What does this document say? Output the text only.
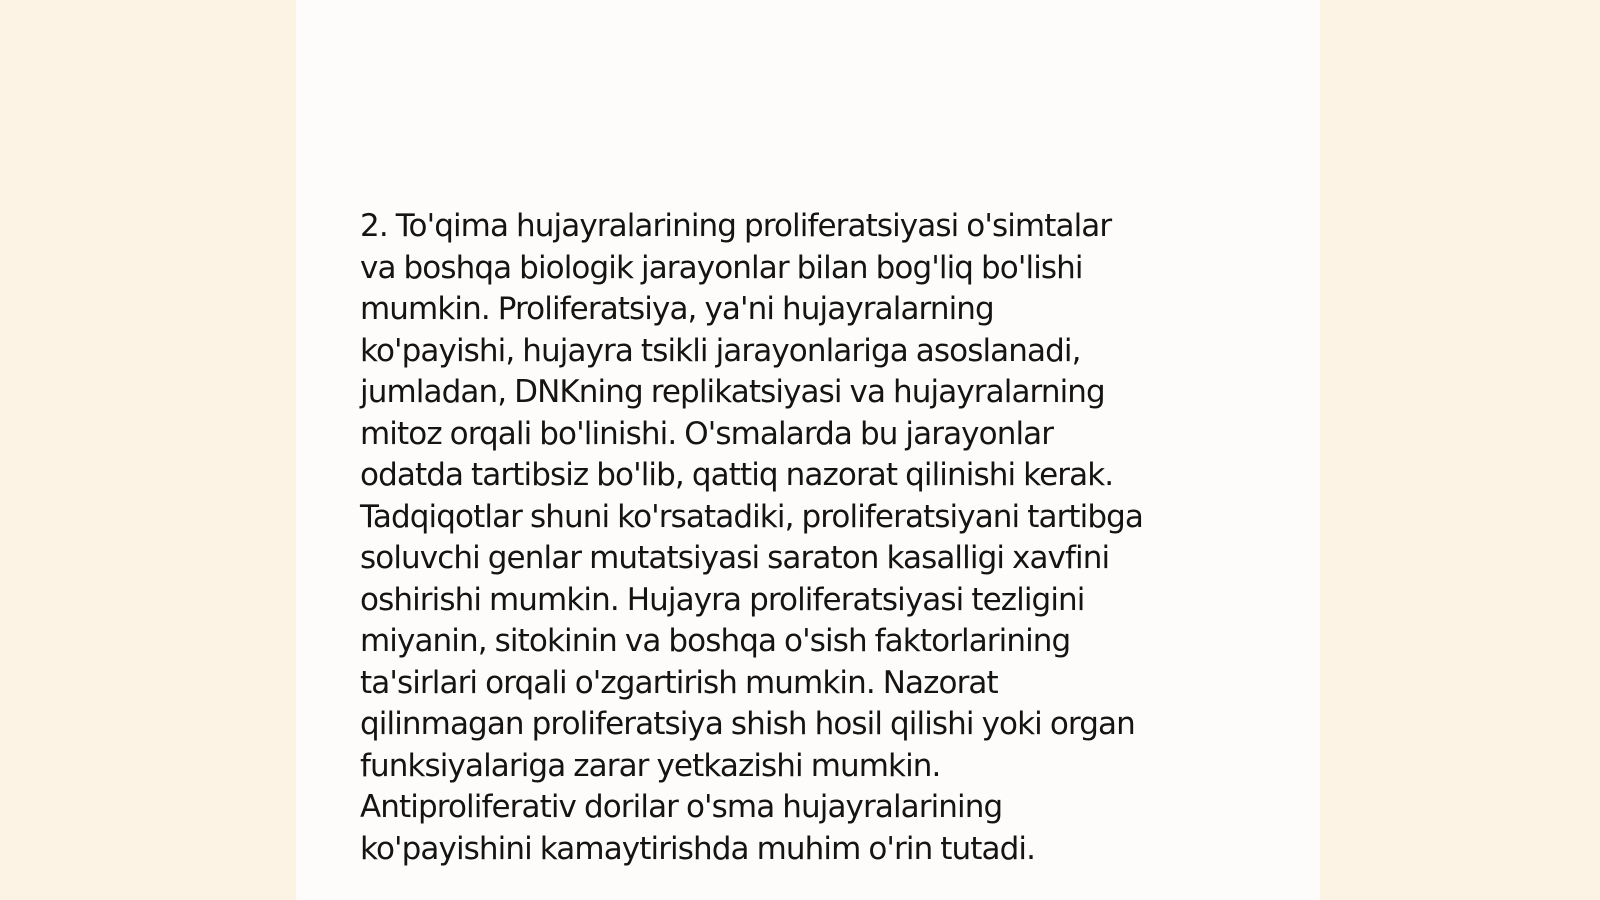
2. To'qima hujayralarining proliferatsiyasi o'simtalar
va boshqa biologik jarayonlar bilan bog'liq bo'lishi
mumkin. Proliferatsiya, ya'ni hujayralarning
ko'payishi, hujayra tsikli jarayonlariga asoslanadi,
jumladan, DNKning replikatsiyasi va hujayralarning
mitoz orqali bo'linishi. O'smalarda bu jarayonlar
odatda tartibsiz bo'lib, qattiq nazorat qilinishi kerak.
Tadqiqotlar shuni ko'rsatadiki, proliferatsiyani tartibga
soluvchi genlar mutatsiyasi saraton kasalligi xavfini
oshirishi mumkin. Hujayra proliferatsiyasi tezligini
miyanin, sitokinin va boshqa o'sish faktorlarining
ta'sirlari orqali o'zgartirish mumkin. Nazorat
qilinmagan proliferatsiya shish hosil qilishi yoki organ
funksiyalariga zarar yetkazishi mumkin.
Antiproliferativ dorilar o'sma hujayralarining
ko'payishini kamaytirishda muhim o'rin tutadi.
